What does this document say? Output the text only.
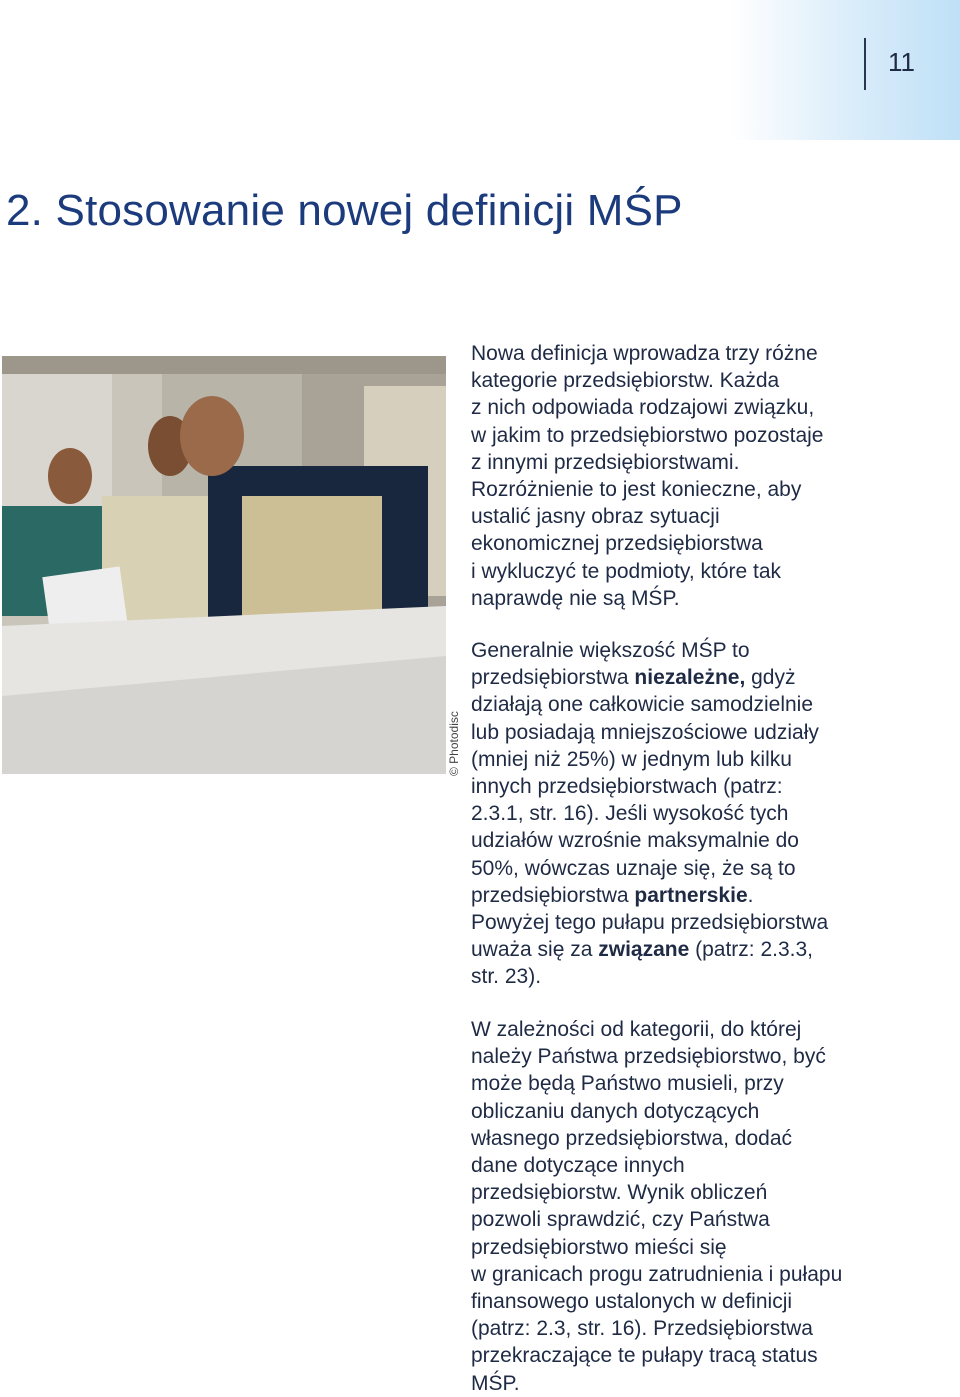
11
2. Stosowanie nowej definicji MŚP
© Photodisc

Nowa definicja wprowadza trzy różne

kategorie przedsiębiorstw. Każda

z nich odpowiada rodzajowi związku,

w jakim to przedsiębiorstwo pozostaje

z innymi przedsiębiorstwami.

Rozróżnienie to jest konieczne, aby

ustalić jasny obraz sytuacji

ekonomicznej przedsiębiorstwa

i wykluczyć te podmioty, które tak

naprawdę nie są MŚP.

Generalnie większość MŚP to

przedsiębiorstwa niezależne, gdyż

działają one całkowicie samodzielnie

lub posiadają mniejszościowe udziały

(mniej niż 25%) w jednym lub kilku

innych przedsiębiorstwach (patrz:

2.3.1, str. 16). Jeśli wysokość tych

udziałów wzrośnie maksymalnie do

50%, wówczas uznaje się, że są to

przedsiębiorstwa partnerskie.

Powyżej tego pułapu przedsiębiorstwa

uważa się za związane (patrz: 2.3.3,

str. 23).

W zależności od kategorii, do której

należy Państwa przedsiębiorstwo, być

może będą Państwo musieli, przy

obliczaniu danych dotyczących

własnego przedsiębiorstwa, dodać

dane dotyczące innych

przedsiębiorstw. Wynik obliczeń

pozwoli sprawdzić, czy Państwa

przedsiębiorstwo mieści się

w granicach progu zatrudnienia i pułapu

finansowego ustalonych w definicji

(patrz: 2.3, str. 16). Przedsiębiorstwa

przekraczające te pułapy tracą status

MŚP.
